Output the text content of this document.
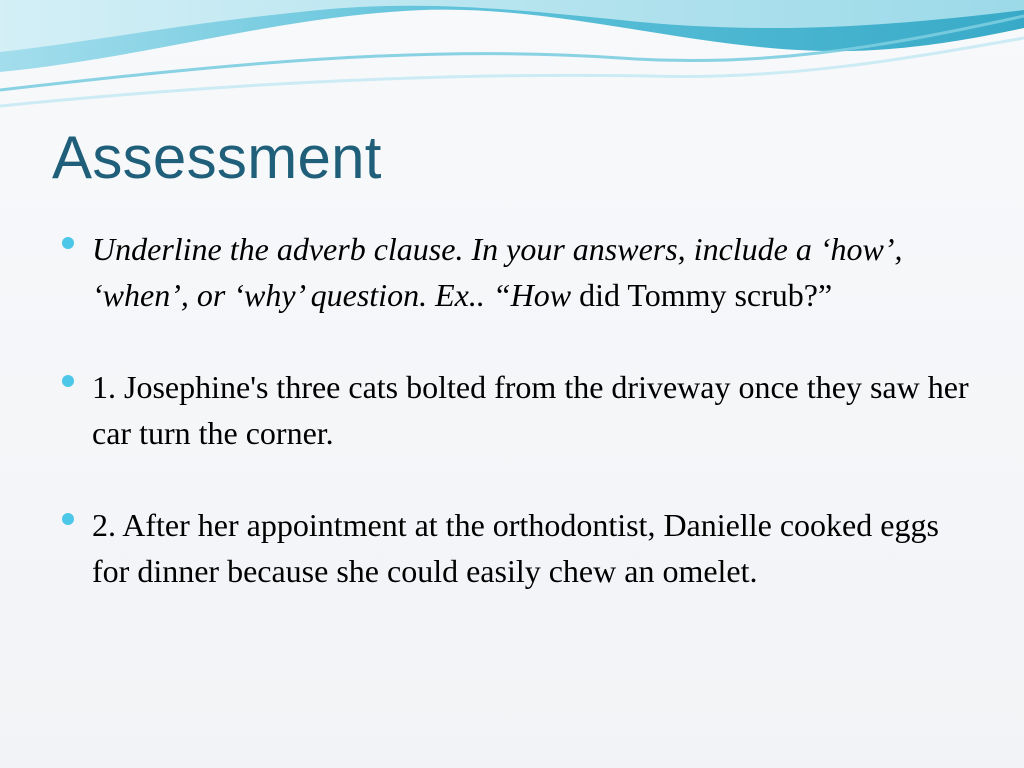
Assessment
Underline the adverb clause. In your answers, include a ‘how’, ‘when’, or ‘why’ question. Ex.. “How did Tommy scrub?”
1. Josephine's three cats bolted from the driveway once they saw her car turn the corner.
2. After her appointment at the orthodontist, Danielle cooked eggs for dinner because she could easily chew an omelet.
